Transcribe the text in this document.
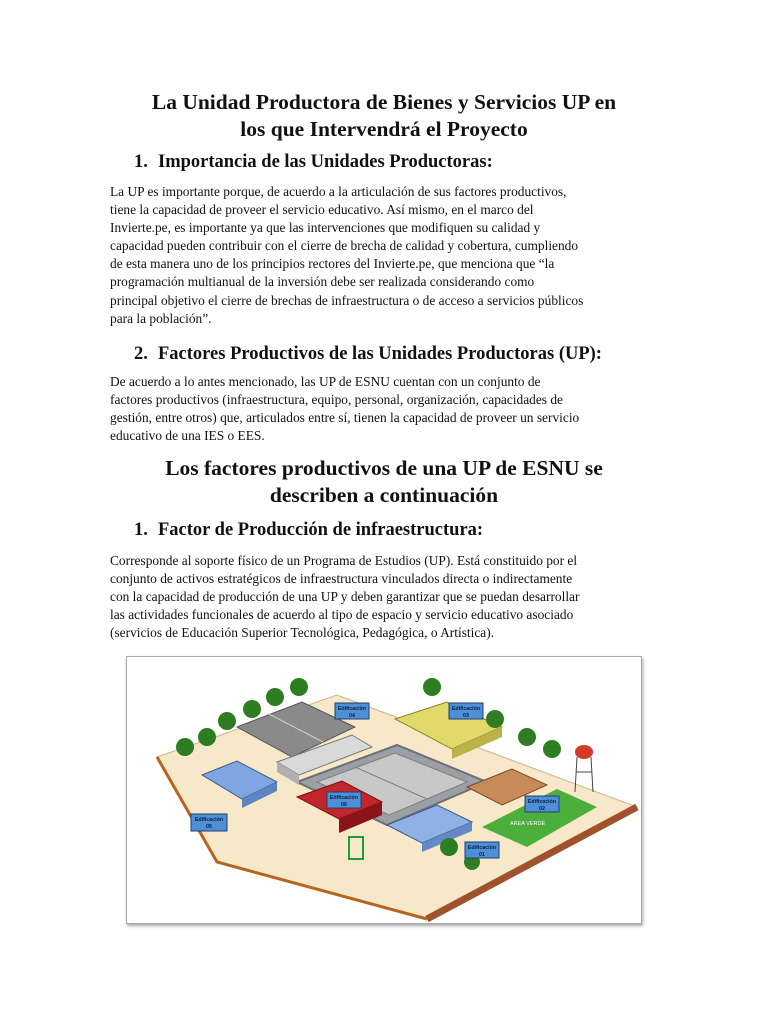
La Unidad Productora de Bienes y Servicios UP en
los que Intervendrá el Proyecto
1. Importancia de las Unidades Productoras:
La UP es importante porque, de acuerdo a la articulación de sus factores productivos,
tiene la capacidad de proveer el servicio educativo. Así mismo, en el marco del
Invierte.pe, es importante ya que las intervenciones que modifiquen su calidad y
capacidad pueden contribuir con el cierre de brecha de calidad y cobertura, cumpliendo
de esta manera uno de los principios rectores del Invierte.pe, que menciona que “la
programación multianual de la inversión debe ser realizada considerando como
principal objetivo el cierre de brechas de infraestructura o de acceso a servicios públicos
para la población”.
2. Factores Productivos de las Unidades Productoras (UP):
De acuerdo a lo antes mencionado, las UP de ESNU cuentan con un conjunto de
factores productivos (infraestructura, equipo, personal, organización, capacidades de
gestión, entre otros) que, articulados entre sí, tienen la capacidad de proveer un servicio
educativo de una IES o EES.
Los factores productivos de una UP de ESNU se
describen a continuación
1. Factor de Producción de infraestructura:
Corresponde al soporte físico de un Programa de Estudios (UP). Está constituido por el
conjunto de activos estratégicos de infraestructura vinculados directa o indirectamente
con la capacidad de producción de una UP y deben garantizar que se puedan desarrollar
las actividades funcionales de acuerdo al tipo de espacio y servicio educativo asociado
(servicios de Educación Superior Tecnológica, Pedagógica, o Artística).
AREA VERDE
Edificación
04
Edificación
03
Edificación
06
Edificación
05
Edificación
02
Edificación
01
